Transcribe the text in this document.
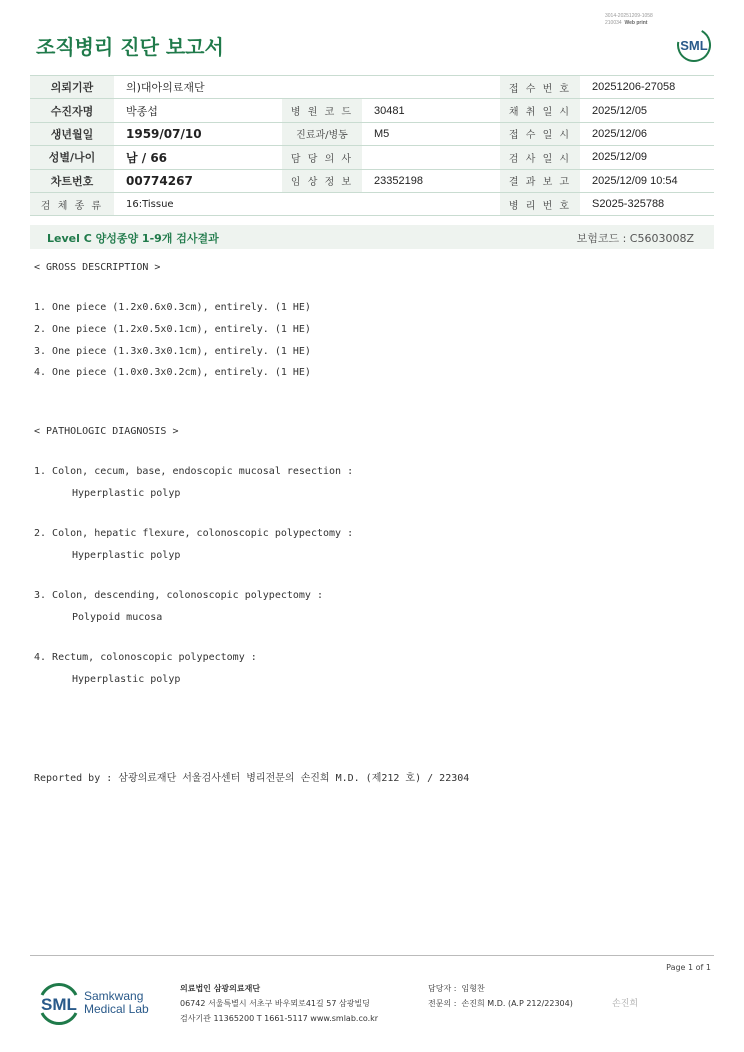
3014-20251209-1058
210034 Web print
조직병리 진단 보고서	SML
의뢰기관	의)대아의료재단			접 수 번 호	20251206-27058
수진자명	박종섭	병 원 코 드	30481	채 취 일 시	2025/12/05
생년월일	1959/07/10	진료과/병동	M5	접 수 일 시	2025/12/06
성별/나이	남 / 66	담 당 의 사		검 사 일 시	2025/12/09
차트번호	00774267	임 상 정 보	23352198	결 과 보 고	2025/12/09 10:54
검 체 종 류	16:Tissue			병 리 번 호	S2025-325788
Level C 양성종양 1-9개 검사결과	보험코드 : C5603008Z
< GROSS DESCRIPTION >
1. One piece (1.2x0.6x0.3cm), entirely. (1 HE)
2. One piece (1.2x0.5x0.1cm), entirely. (1 HE)
3. One piece (1.3x0.3x0.1cm), entirely. (1 HE)
4. One piece (1.0x0.3x0.2cm), entirely. (1 HE)
< PATHOLOGIC DIAGNOSIS >
1. Colon, cecum, base, endoscopic mucosal resection :
Hyperplastic polyp
2. Colon, hepatic flexure, colonoscopic polypectomy :
Hyperplastic polyp
3. Colon, descending, colonoscopic polypectomy :
Polypoid mucosa
4. Rectum, colonoscopic polypectomy :
Hyperplastic polyp
Reported by : 삼광의료재단 서울검사센터 병리전문의 손진희 M.D. (제212 호) / 22304
Page 1 of 1
SML Samkwang
Medical Lab
의료법인 삼광의료재단
06742 서울특별시 서초구 바우뫼로41길 57 삼광빌딩
검사기관 11365200 T 1661-5117 www.smlab.co.kr
담당자 : 임형찬
전문의 : 손진희 M.D. (A.P 212/22304)	손진희
